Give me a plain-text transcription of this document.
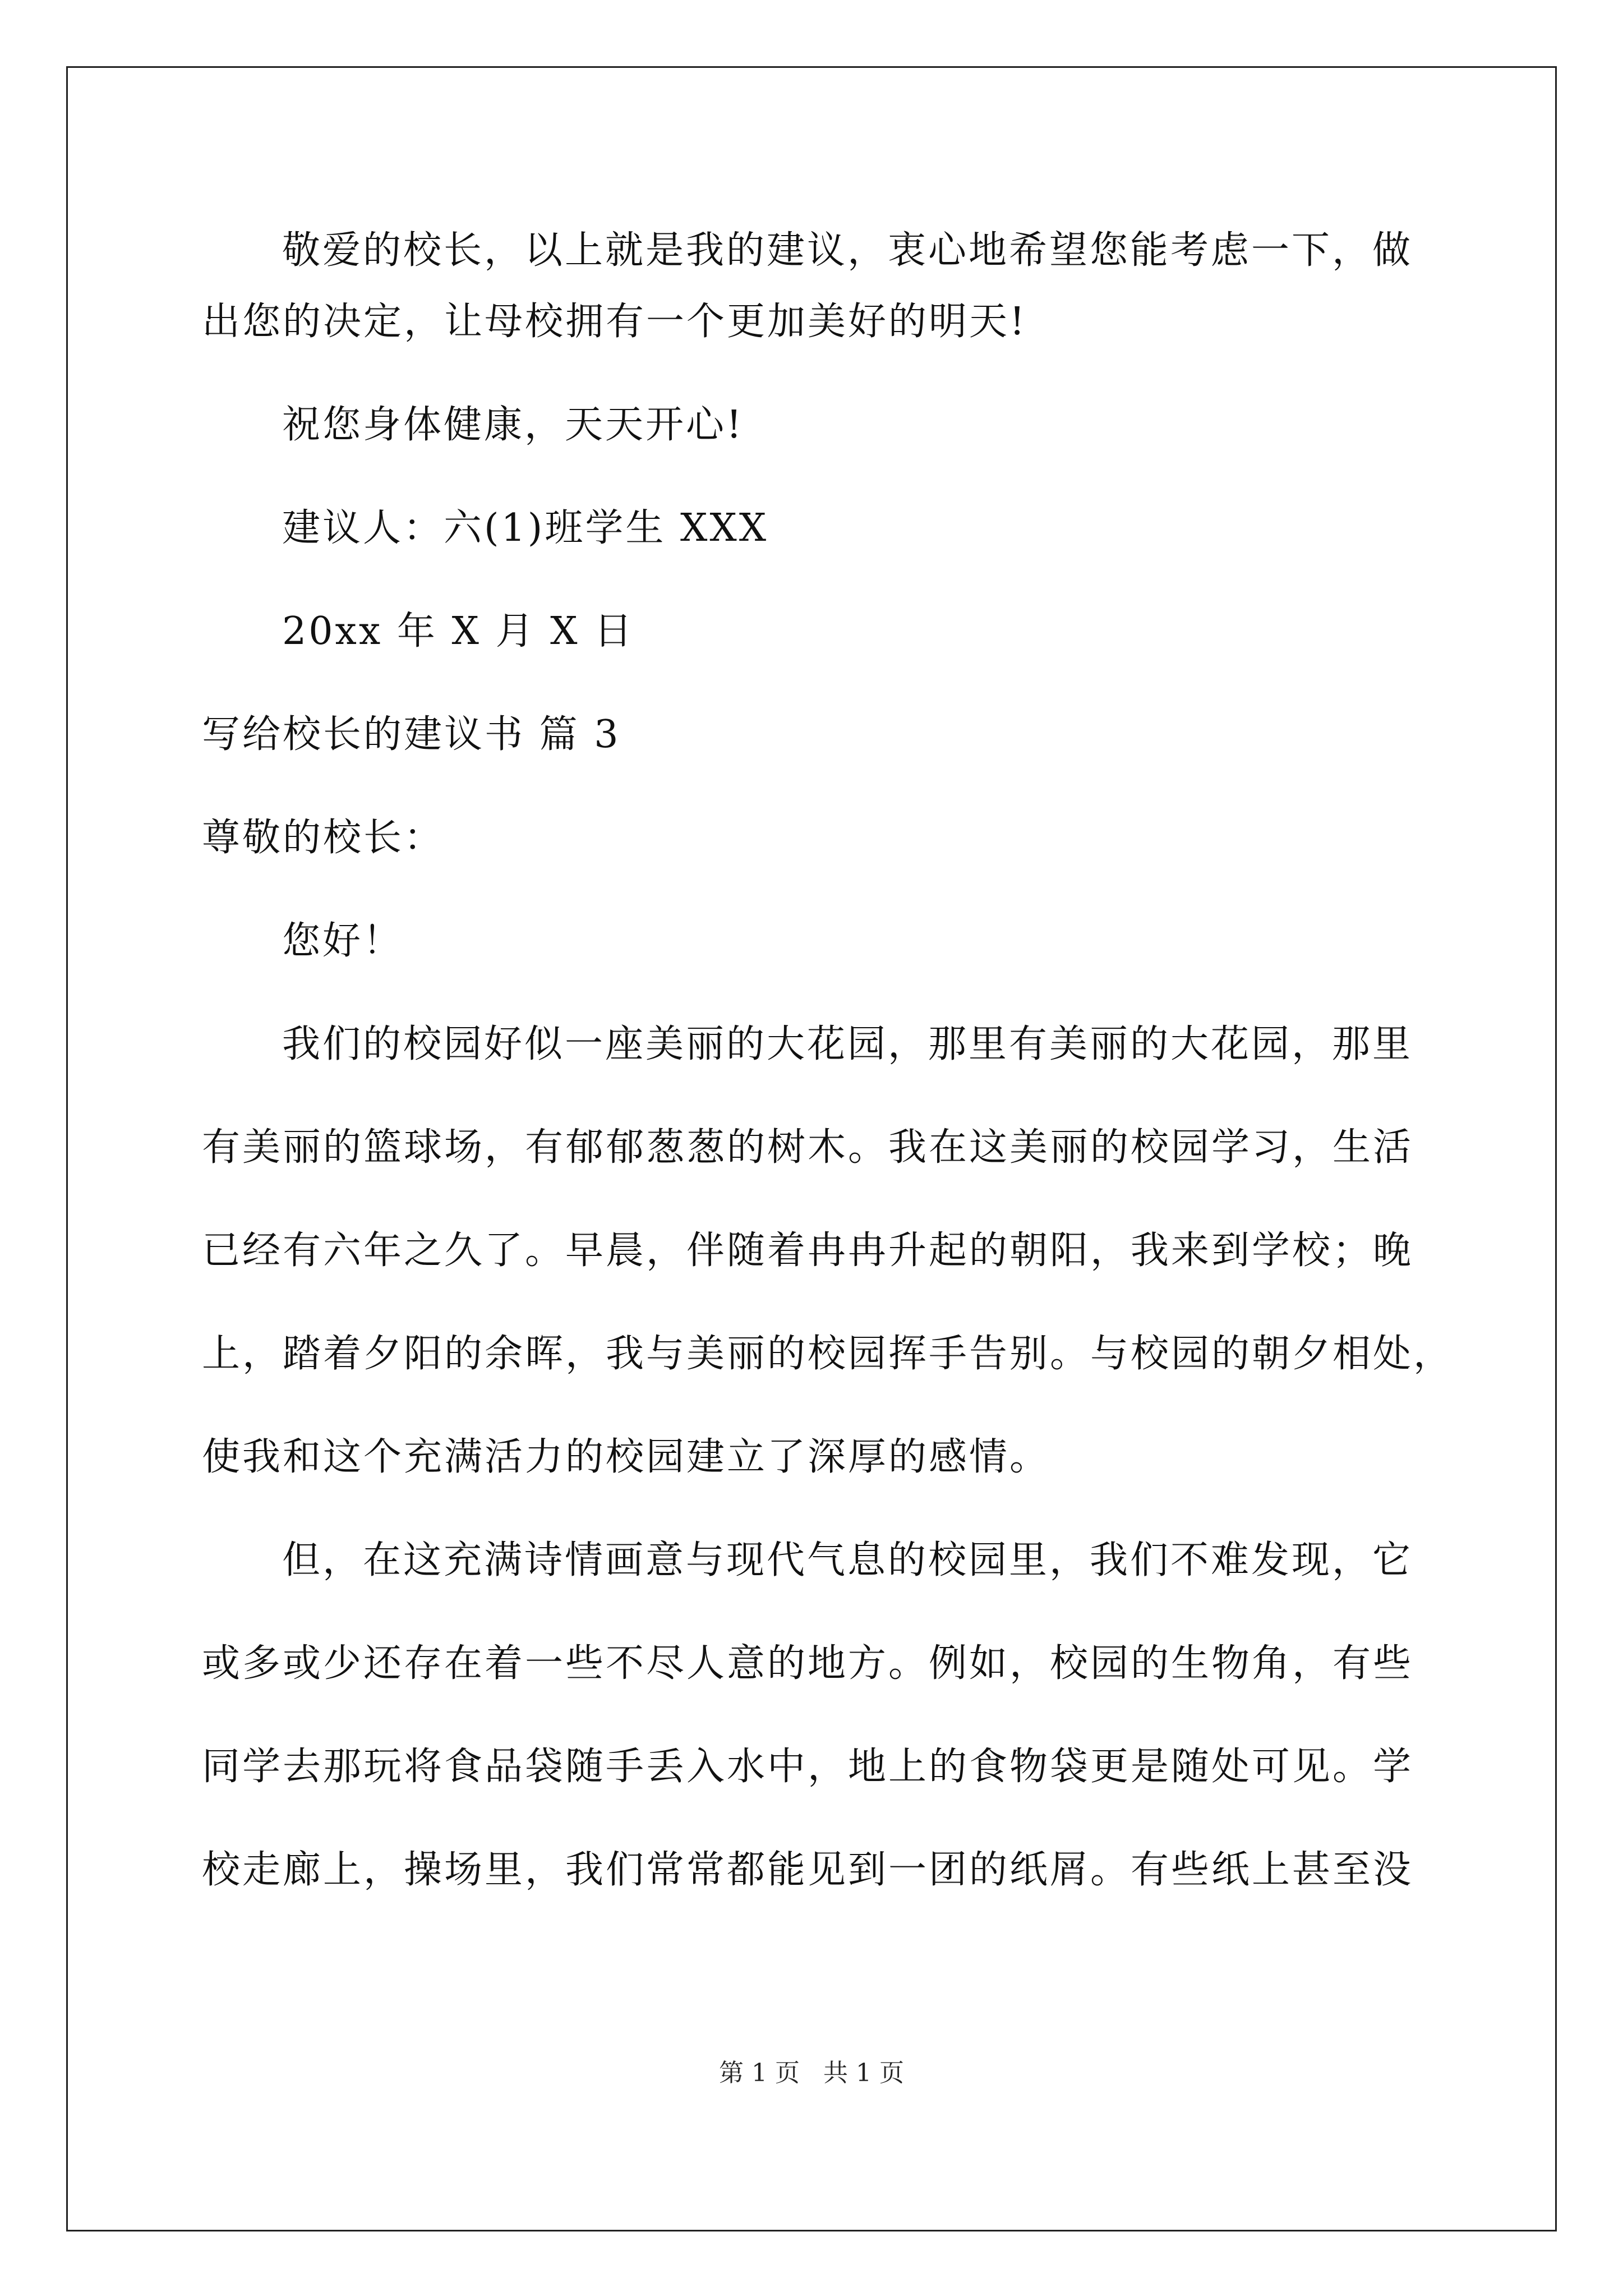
敬爱的校长，以上就是我的建议，衷心地希望您能考虑一下，做
出您的决定，让母校拥有一个更加美好的明天!
祝您身体健康，天天开心!
建议人：六(1)班学生 XXX
20xx 年 X 月 X 日
写给校长的建议书 篇 3
尊敬的校长：
您好！
我们的校园好似一座美丽的大花园，那里有美丽的大花园，那里
有美丽的篮球场，有郁郁葱葱的树木。我在这美丽的校园学习，生活
已经有六年之久了。早晨，伴随着冉冉升起的朝阳，我来到学校；晚
上，踏着夕阳的余晖，我与美丽的校园挥手告别。与校园的朝夕相处，
使我和这个充满活力的校园建立了深厚的感情。
但，在这充满诗情画意与现代气息的校园里，我们不难发现，它
或多或少还存在着一些不尽人意的地方。例如，校园的生物角，有些
同学去那玩将食品袋随手丢入水中，地上的食物袋更是随处可见。学
校走廊上，操场里，我们常常都能见到一团的纸屑。有些纸上甚至没
第 1 页   共 1 页
